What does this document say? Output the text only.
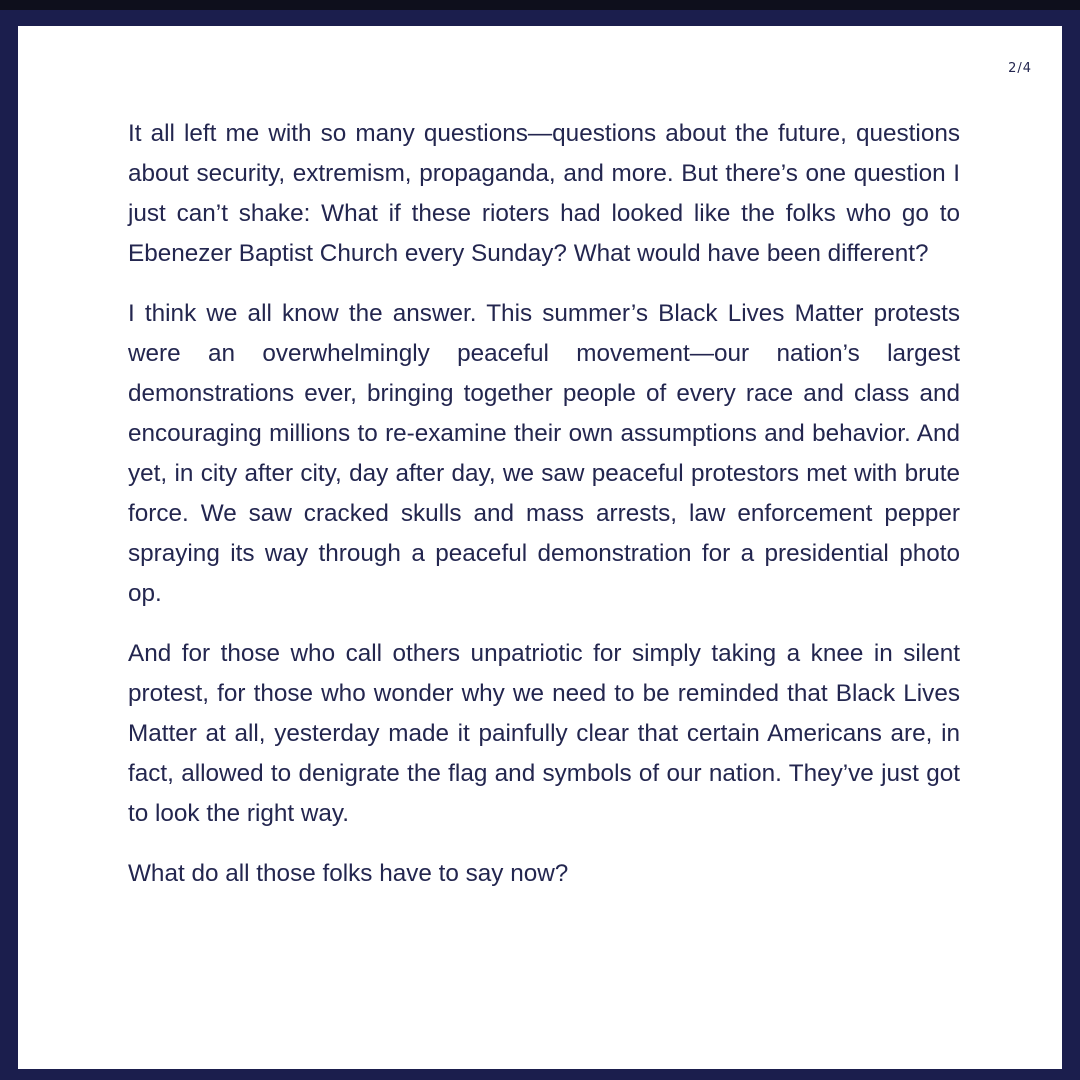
2/4

It all left me with so many questions—questions about the future, questions about security, extremism, propaganda, and more. But there’s one question I just can’t shake: What if these rioters had looked like the folks who go to Ebenezer Baptist Church every Sunday? What would have been different?

I think we all know the answer. This summer’s Black Lives Matter protests were an overwhelmingly peaceful movement—our nation’s largest demonstrations ever, bringing together people of every race and class and encouraging millions to re-examine their own assumptions and behavior. And yet, in city after city, day after day, we saw peaceful protestors met with brute force. We saw cracked skulls and mass arrests, law enforcement pepper spraying its way through a peaceful demonstration for a presidential photo op.

And for those who call others unpatriotic for simply taking a knee in silent protest, for those who wonder why we need to be reminded that Black Lives Matter at all, yesterday made it painfully clear that certain Americans are, in fact, allowed to denigrate the flag and symbols of our nation. They’ve just got to look the right way.

What do all those folks have to say now?
